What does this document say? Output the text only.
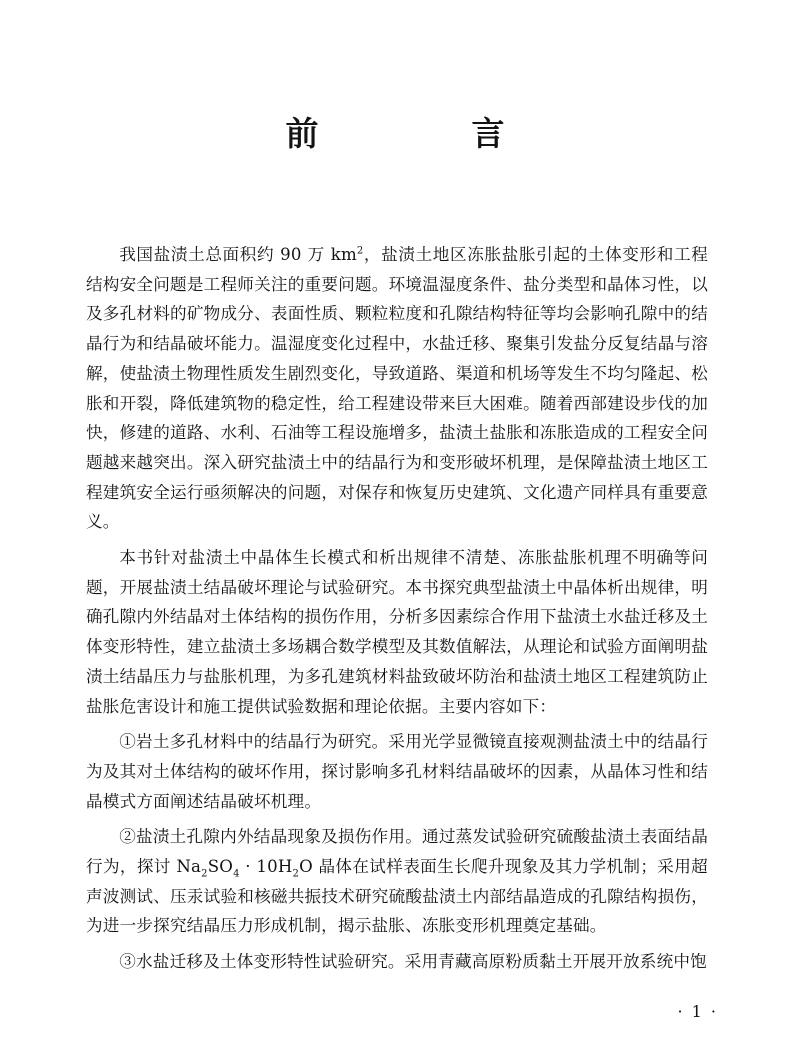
前　言

我国盐渍土总面积约 90 万 $km^2$，盐渍土地区冻胀盐胀引起的土体变形和工程结构安全问题是工程师关注的重要问题。环境温湿度条件、盐分类型和晶体习性，以及多孔材料的矿物成分、表面性质、颗粒粒度和孔隙结构特征等均会影响孔隙中的结晶行为和结晶破坏能力。温湿度变化过程中，水盐迁移、聚集引发盐分反复结晶与溶解，使盐渍土物理性质发生剧烈变化，导致道路、渠道和机场等发生不均匀隆起、松胀和开裂，降低建筑物的稳定性，给工程建设带来巨大困难。随着西部建设步伐的加快，修建的道路、水利、石油等工程设施增多，盐渍土盐胀和冻胀造成的工程安全问题越来越突出。深入研究盐渍土中的结晶行为和变形破坏机理，是保障盐渍土地区工程建筑安全运行亟须解决的问题，对保存和恢复历史建筑、文化遗产同样具有重要意义。

本书针对盐渍土中晶体生长模式和析出规律不清楚、冻胀盐胀机理不明确等问题，开展盐渍土结晶破坏理论与试验研究。本书探究典型盐渍土中晶体析出规律，明确孔隙内外结晶对土体结构的损伤作用，分析多因素综合作用下盐渍土水盐迁移及土体变形特性，建立盐渍土多场耦合数学模型及其数值解法，从理论和试验方面阐明盐渍土结晶压力与盐胀机理，为多孔建筑材料盐致破坏防治和盐渍土地区工程建筑防止盐胀危害设计和施工提供试验数据和理论依据。主要内容如下：

①岩土多孔材料中的结晶行为研究。采用光学显微镜直接观测盐渍土中的结晶行为及其对土体结构的破坏作用，探讨影响多孔材料结晶破坏的因素，从晶体习性和结晶模式方面阐述结晶破坏机理。

②盐渍土孔隙内外结晶现象及损伤作用。通过蒸发试验研究硫酸盐渍土表面结晶行为，探讨 $Na_2SO_4 \cdot 10H_2O$ 晶体在试样表面生长爬升现象及其力学机制；采用超声波测试、压汞试验和核磁共振技术研究硫酸盐渍土内部结晶造成的孔隙结构损伤，为进一步探究结晶压力形成机制，揭示盐胀、冻胀变形机理奠定基础。

③水盐迁移及土体变形特性试验研究。采用青藏高原粉质黏土开展开放系统中饱

· 1 ·
